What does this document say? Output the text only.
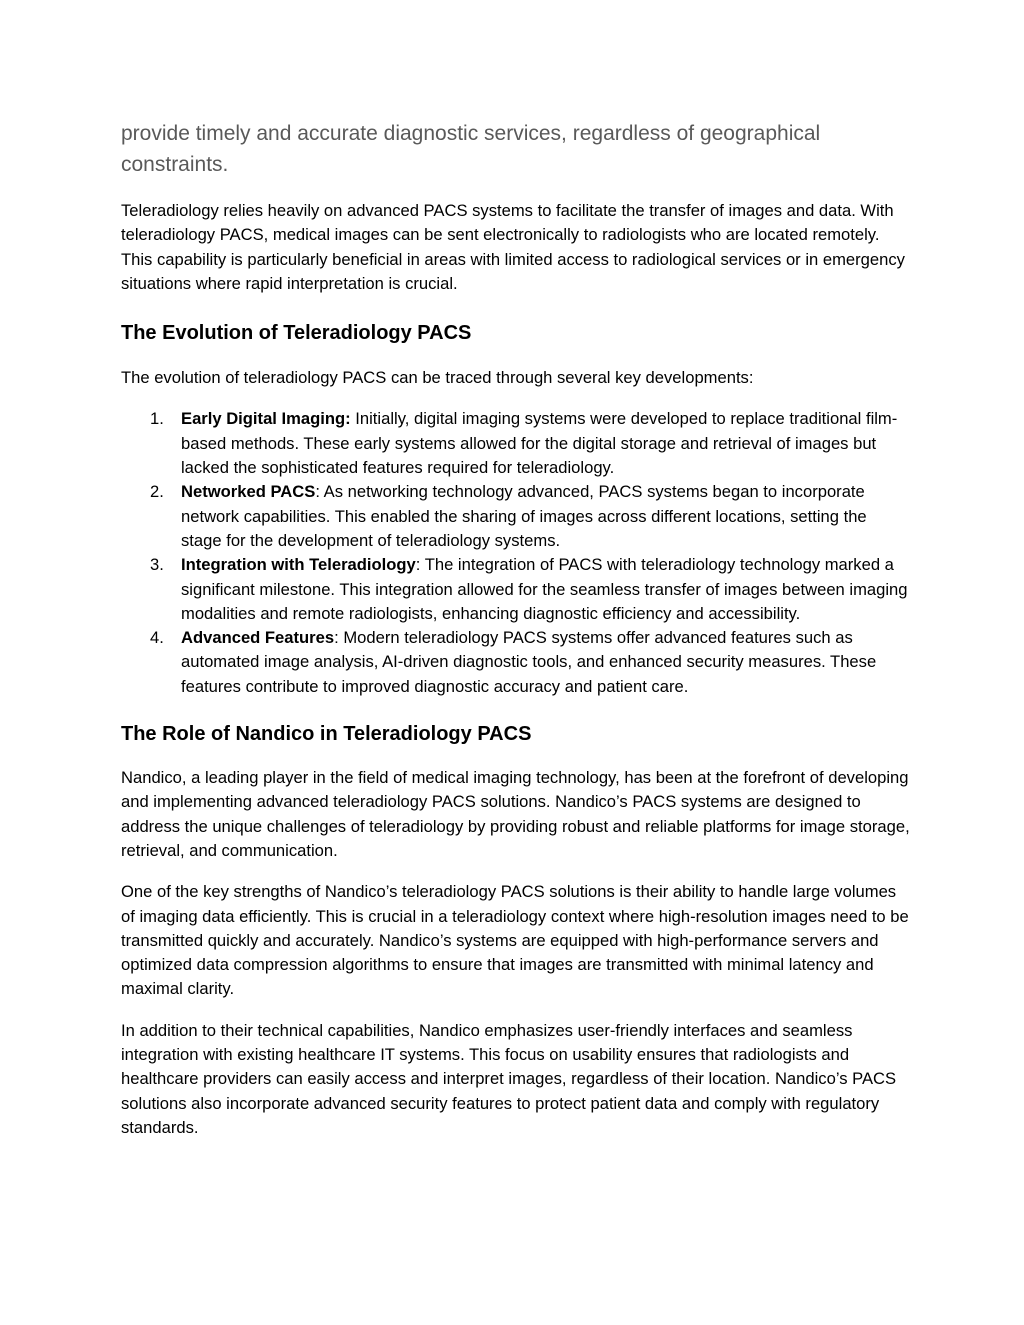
provide timely and accurate diagnostic services, regardless of geographical constraints.

Teleradiology relies heavily on advanced PACS systems to facilitate the transfer of images and data. With teleradiology PACS, medical images can be sent electronically to radiologists who are located remotely. This capability is particularly beneficial in areas with limited access to radiological services or in emergency situations where rapid interpretation is crucial.

The Evolution of Teleradiology PACS

The evolution of teleradiology PACS can be traced through several key developments:

1. Early Digital Imaging: Initially, digital imaging systems were developed to replace traditional film-based methods. These early systems allowed for the digital storage and retrieval of images but lacked the sophisticated features required for teleradiology.
2. Networked PACS: As networking technology advanced, PACS systems began to incorporate network capabilities. This enabled the sharing of images across different locations, setting the stage for the development of teleradiology systems.
3. Integration with Teleradiology: The integration of PACS with teleradiology technology marked a significant milestone. This integration allowed for the seamless transfer of images between imaging modalities and remote radiologists, enhancing diagnostic efficiency and accessibility.
4. Advanced Features: Modern teleradiology PACS systems offer advanced features such as automated image analysis, AI-driven diagnostic tools, and enhanced security measures. These features contribute to improved diagnostic accuracy and patient care.
The Role of Nandico in Teleradiology PACS

Nandico, a leading player in the field of medical imaging technology, has been at the forefront of developing and implementing advanced teleradiology PACS solutions. Nandico’s PACS systems are designed to address the unique challenges of teleradiology by providing robust and reliable platforms for image storage, retrieval, and communication.

One of the key strengths of Nandico’s teleradiology PACS solutions is their ability to handle large volumes of imaging data efficiently. This is crucial in a teleradiology context where high-resolution images need to be transmitted quickly and accurately. Nandico’s systems are equipped with high-performance servers and optimized data compression algorithms to ensure that images are transmitted with minimal latency and maximal clarity.

In addition to their technical capabilities, Nandico emphasizes user-friendly interfaces and seamless integration with existing healthcare IT systems. This focus on usability ensures that radiologists and healthcare providers can easily access and interpret images, regardless of their location. Nandico’s PACS solutions also incorporate advanced security features to protect patient data and comply with regulatory standards.
